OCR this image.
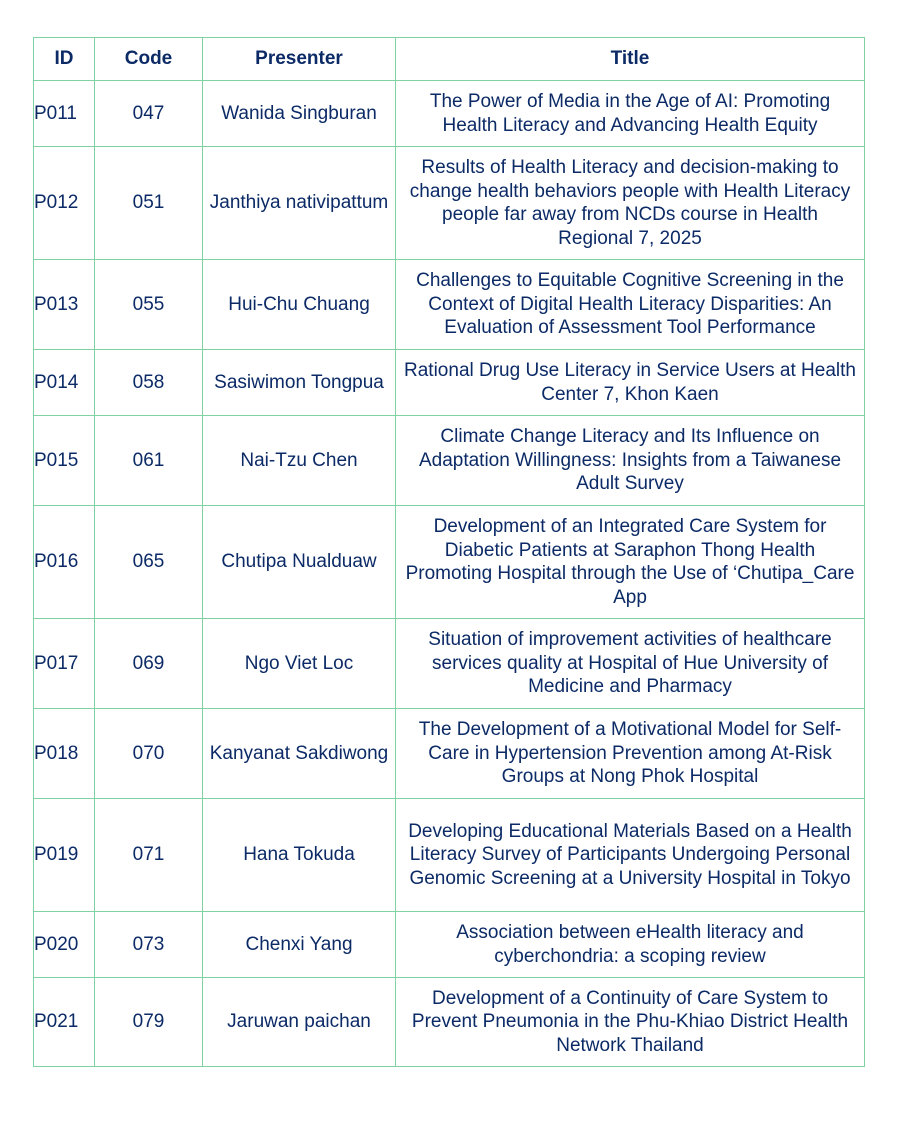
ID	Code	Presenter	Title
P011	047	Wanida Singburan	The Power of Media in the Age of AI: Promoting Health Literacy and Advancing Health Equity
P012	051	Janthiya nativipattum	Results of Health Literacy and decision-making to change health behaviors people with Health Literacy people far away from NCDs course in Health Regional 7, 2025
P013	055	Hui-Chu Chuang	Challenges to Equitable Cognitive Screening in the Context of Digital Health Literacy Disparities: An Evaluation of Assessment Tool Performance
P014	058	Sasiwimon Tongpua	Rational Drug Use Literacy in Service Users at Health Center 7, Khon Kaen
P015	061	Nai-Tzu Chen	Climate Change Literacy and Its Influence on Adaptation Willingness: Insights from a Taiwanese Adult Survey
P016	065	Chutipa Nualduaw	Development of an Integrated Care System for Diabetic Patients at Saraphon Thong Health Promoting Hospital through the Use of ‘Chutipa_Care App
P017	069	Ngo Viet Loc	Situation of improvement activities of healthcare services quality at Hospital of Hue University of Medicine and Pharmacy
P018	070	Kanyanat Sakdiwong	The Development of a Motivational Model for Self-Care in Hypertension Prevention among At-Risk Groups at Nong Phok Hospital
P019	071	Hana Tokuda	Developing Educational Materials Based on a Health Literacy Survey of Participants Undergoing Personal Genomic Screening at a University Hospital in Tokyo
P020	073	Chenxi Yang	Association between eHealth literacy and cyberchondria: a scoping review
P021	079	Jaruwan paichan	Development of a Continuity of Care System to Prevent Pneumonia in the Phu-Khiao District Health Network Thailand
